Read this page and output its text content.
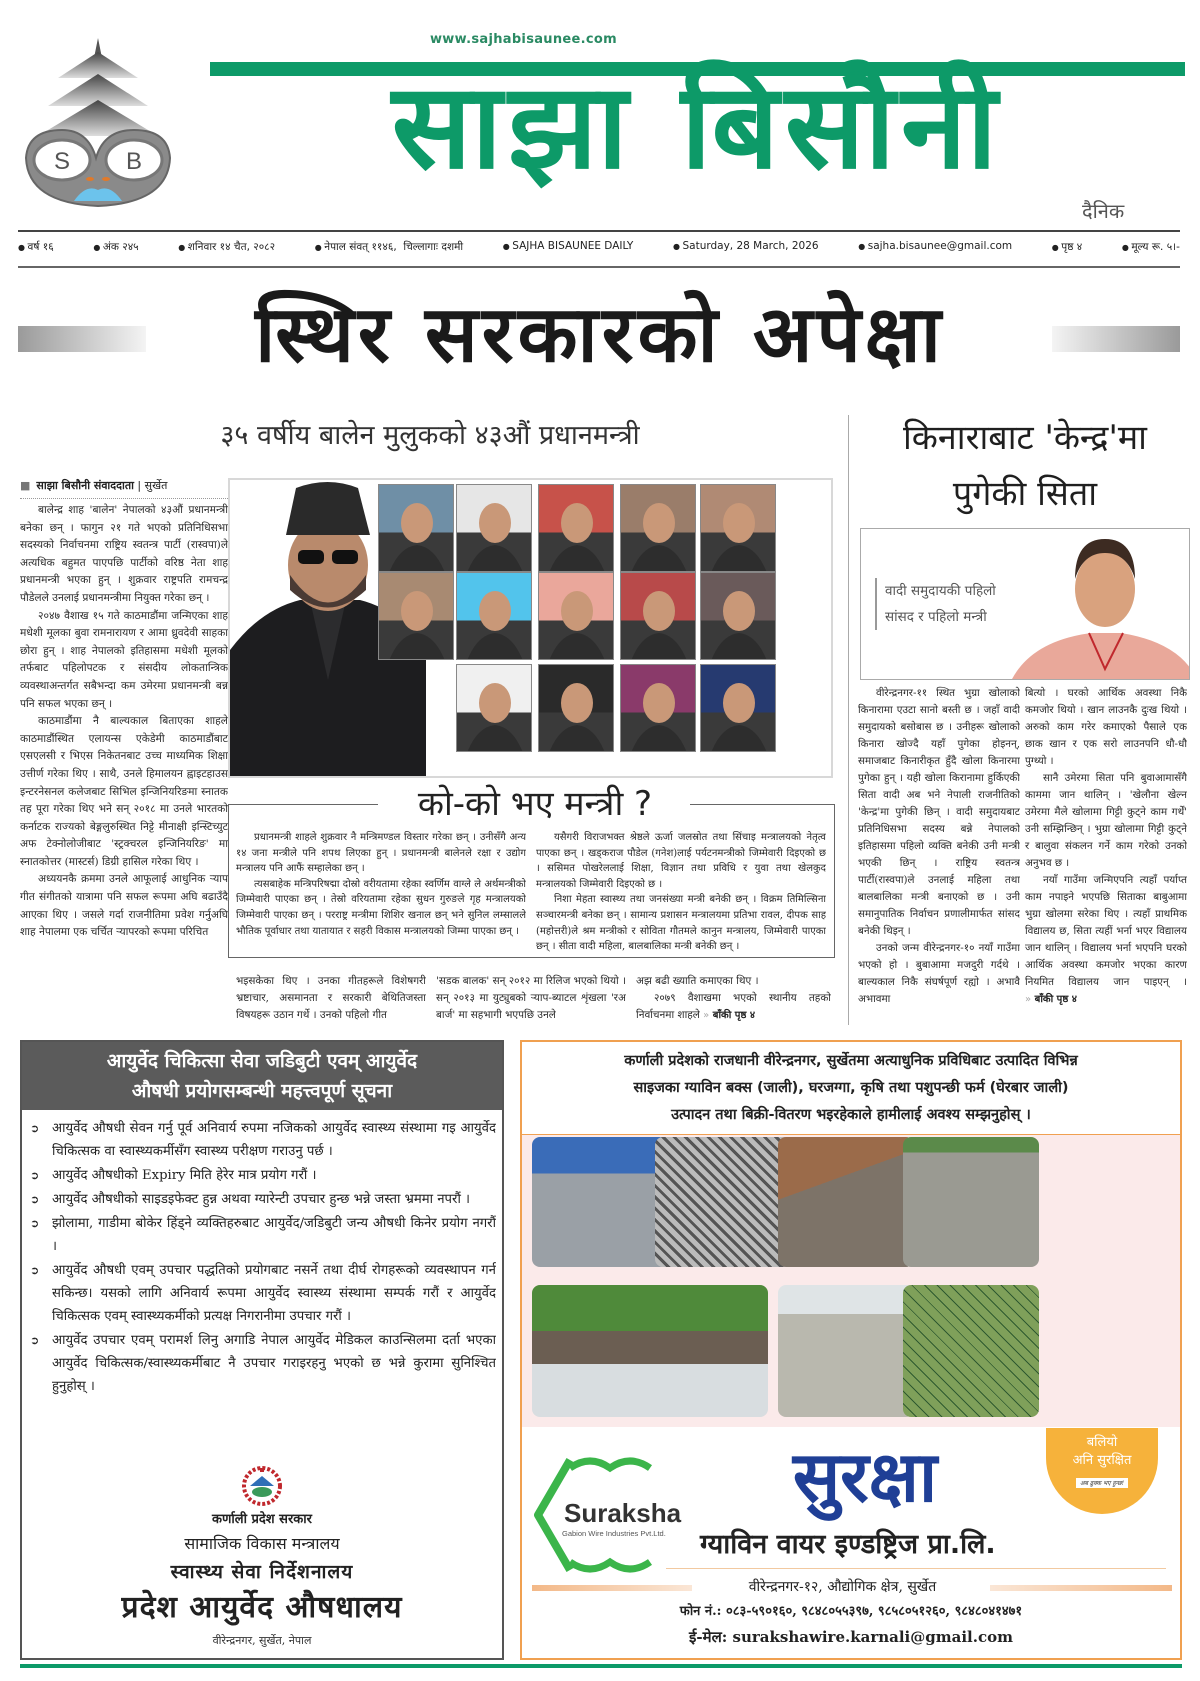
S B
www.sajhabisaunee.com
साझा बिसौनी
दैनिक
● वर्ष १६	● अंक २४५	● शनिवार १४ चैत, २०८२	● नेपाल संवत् ११४६, चिल्लागाः दशमी	● SAJHA BISAUNEE DAILY	● Saturday, 28 March, 2026	● sajha.bisaunee@gmail.com	● पृष्ठ ४	● मूल्य रू. ५।-
स्थिर सरकारको अपेक्षा
३५ वर्षीय बालेन मुलुकको ४३औं प्रधानमन्त्री	किनाराबाट 'केन्द्र'मा
पुगेकी सिता
■ साझा बिसौनी संवाददाता | सुर्खेत

बालेन्द्र शाह 'बालेन' नेपालको ४३औं प्रधानमन्त्री बनेका छन् । फागुन २१ गते भएको प्रतिनिधिसभा सदस्यको निर्वाचनमा राष्ट्रिय स्वतन्त्र पार्टी (रास्वपा)ले अत्यधिक बहुमत पाएपछि पार्टीको वरिष्ठ नेता शाह प्रधानमन्त्री भएका हुन् । शुक्रवार राष्ट्रपति रामचन्द्र पौडेलले उनलाई प्रधानमन्त्रीमा नियुक्त गरेका छन् ।

२०४७ वैशाख १५ गते काठमाडौंमा जन्मिएका शाह मधेशी मूलका बुवा रामनारायण र आमा ध्रुवदेवी साहका छोरा हुन् । शाह नेपालको इतिहासमा मधेशी मूलको तर्फबाट पहिलोपटक र संसदीय लोकतान्त्रिक व्यवस्थाअन्तर्गत सबैभन्दा कम उमेरमा प्रधानमन्त्री बन्न पनि सफल भएका छन् ।

काठमाडौंमा नै बाल्यकाल बिताएका शाहले काठमाडौंस्थित एलायन्स एकेडेमी काठमाडौंबाट एसएलसी र भिएस निकेतनबाट उच्च माध्यमिक शिक्षा उत्तीर्ण गरेका थिए । साथै, उनले हिमालयन ह्वाइटहाउस इन्टरनेसनल कलेजबाट सिभिल इन्जिनियरिङमा स्नातक तह पूरा गरेका थिए भने सन् २०१८ मा उनले भारतको कर्नाटक राज्यको बेङ्गलुरुस्थित निट्टे मीनाक्षी इन्स्टिच्युट अफ टेक्नोलोजीबाट 'स्ट्रक्चरल इन्जिनियरिङ' मा स्नातकोत्तर (मास्टर्स) डिग्री हासिल गरेका थिए ।

अध्ययनकै क्रममा उनले आफूलाई आधुनिक र्‍याप गीत संगीतको यात्रामा पनि सफल रूपमा अघि बढाउँदै आएका थिए । जसले गर्दा राजनीतिमा प्रवेश गर्नुअघि शाह नेपालमा एक चर्चित र्‍यापरको रूपमा परिचित

को-को भए मन्त्री ?

प्रधानमन्त्री शाहले शुक्रवार नै मन्त्रिमण्डल विस्तार गरेका छन् । उनीसँगै अन्य १४ जना मन्त्रीले पनि शपथ लिएका हुन् । प्रधानमन्त्री बालेनले रक्षा र उद्योग मन्त्रालय पनि आफैं सम्हालेका छन् ।

त्यसबाहेक मन्त्रिपरिषद्मा दोस्रो वरीयतामा रहेका स्वर्णिम वाग्ले ले अर्थमन्त्रीको जिम्मेवारी पाएका छन् । तेस्रो वरियतामा रहेका सुधन गुरुङले गृह मन्त्रालयको जिम्मेवारी पाएका छन् । परराष्ट्र मन्त्रीमा शिशिर खनाल छन् भने सुनिल लम्सालले भौतिक पूर्वाधार तथा यातायात र सहरी विकास मन्त्रालयको जिम्मा पाएका छन् ।

यसैगरी विराजभक्त श्रेष्ठले ऊर्जा जलस्रोत तथा सिंचाइ मन्त्रालयको नेतृत्व पाएका छन् । खड्कराज पौडेल (गनेश)लाई पर्यटनमन्त्रीको जिम्मेवारी दिइएको छ । ससिमत पोखरेललाई शिक्षा, विज्ञान तथा प्रविधि र युवा तथा खेलकुद मन्त्रालयको जिम्मेवारी दिइएको छ ।

निशा मेहता स्वास्थ्य तथा जनसंख्या मन्त्री बनेकी छन् । विक्रम तिमिल्सिना सञ्चारमन्त्री बनेका छन् । सामान्य प्रशासन मन्त्रालयमा प्रतिभा रावल, दीपक साह (महोत्तरी)ले श्रम मन्त्रीको र सोविता गौतमले कानुन मन्त्रालय, जिम्मेवारी पाएका छन् । सीता वादी महिला, बालबालिका मन्त्री बनेकी छन् ।

भइसकेका थिए । उनका गीतहरूले विशेषगरी भ्रष्टाचार, असमानता र सरकारी बेथितिजस्ता विषयहरू उठान गर्थे । उनको पहिलो गीत

'सडक बालक' सन् २०१२ मा रिलिज भएको थियो । सन् २०१३ मा युट्युबको र्‍याप-ब्याटल शृंखला 'रअ बार्ज' मा सहभागी भएपछि उनले

अझ बढी ख्याति कमाएका थिए ।

२०७९ वैशाखमा भएको स्थानीय तहको निर्वाचनमा शाहले » बाँकी पृष्ठ ४

वादी समुदायकी पहिलो
सांसद र पहिलो मन्त्री

वीरेन्द्रनगर-११ स्थित भुग्रा खोलाको किनारामा एउटा सानो बस्ती छ । जहाँ वादी समुदायको बसोबास छ । उनीहरू खोलाको किनारा खोज्दै यहाँ पुगेका होइनन्, समाजबाट किनारीकृत हुँदै खोला किनारमा पुगेका हुन् । यही खोला किरानामा हुर्किएकी सिता वादी अब भने नेपाली राजनीतिको 'केन्द्र'मा पुगेकी छिन् । वादी समुदायबाट प्रतिनिधिसभा सदस्य बन्ने नेपालको इतिहासमा पहिलो व्यक्ति बनेकी उनी मन्त्री भएकी छिन् । राष्ट्रिय स्वतन्त्र पार्टी(रास्वपा)ले उनलाई महिला तथा बालबालिका मन्त्री बनाएको छ । उनी समानुपातिक निर्वाचन प्रणालीमार्फत सांसद बनेकी थिइन् ।

उनको जन्म वीरेन्द्रनगर-१० नयाँ गाउँमा भएको हो । बुबाआमा मजदुरी गर्दथे । बाल्यकाल निकै संघर्षपूर्ण रह्यो । अभावै अभावमा

बित्यो । घरको आर्थिक अवस्था निकै कमजोर थियो । खान लाउनकै दुःख थियो । अरुको काम गरेर कमाएको पैसाले एक छाक खान र एक सरो लाउनपनि धौ-धौ पुग्थ्यो ।

सानै उमेरमा सिता पनि बुवाआमासँगै काममा जान थालिन् । 'खेलौना खेल्न उमेरमा मैले खोलामा गिट्टी कुट्ने काम गर्थें' उनी सम्झिन्छिन् । भुग्रा खोलामा गिट्टी कुट्ने र बालुवा संकलन गर्ने काम गरेको उनको अनुभव छ ।

नयाँ गाउँमा जन्मिएपनि त्यहाँ पर्याप्त काम नपाइने भएपछि सिताका बाबुआमा भुग्रा खोलमा सरेका थिए । त्यहाँ प्राथमिक विद्यालय छ, सिता त्यहीं भर्ना भएर विद्यालय जान थालिन् । विद्यालय भर्ना भएपनि घरको आर्थिक अवस्था कमजोर भएका कारण नियमित विद्यालय जान पाइएन् । » बाँकी पृष्ठ ४

आयुर्वेद चिकित्सा सेवा जडिबुटी एवम् आयुर्वेद
औषधी प्रयोगसम्बन्धी महत्त्वपूर्ण सूचना
➲ आयुर्वेद औषधी सेवन गर्नु पूर्व अनिवार्य रुपमा नजिकको आयुर्वेद स्वास्थ्य संस्थामा गइ आयुर्वेद चिकित्सक वा स्वास्थ्यकर्मीसँग स्वास्थ्य परीक्षण गराउनु पर्छ ।
➲ आयुर्वेद औषधीको Expiry मिति हेरेर मात्र प्रयोग गरौं ।
➲ आयुर्वेद औषधीको साइडइफेक्ट हुन्न अथवा ग्यारेन्टी उपचार हुन्छ भन्ने जस्ता भ्रममा नपरौं ।
➲ झोलामा, गाडीमा बोकेर हिंड्ने व्यक्तिहरुबाट आयुर्वेद/जडिबुटी जन्य औषधी किनेर प्रयोग नगरौं ।
➲ आयुर्वेद औषधी एवम् उपचार पद्धतिको प्रयोगबाट नसर्ने तथा दीर्घ रोगहरूको व्यवस्थापन गर्न सकिन्छ। यसको लागि अनिवार्य रूपमा आयुर्वेद स्वास्थ्य संस्थामा सम्पर्क गरौं र आयुर्वेद चिकित्सक एवम् स्वास्थ्यकर्मीको प्रत्यक्ष निगरानीमा उपचार गरौं ।
➲ आयुर्वेद उपचार एवम् परामर्श लिनु अगाडि नेपाल आयुर्वेद मेडिकल काउन्सिलमा दर्ता भएका आयुर्वेद चिकित्सक/स्वास्थ्यकर्मीबाट नै उपचार गराइरहनु भएको छ भन्ने कुरामा सुनिश्चित हुनुहोस् ।
कर्णाली प्रदेश सरकार
सामाजिक विकास मन्त्रालय
स्वास्थ्य सेवा निर्देशनालय
प्रदेश आयुर्वेद औषधालय
वीरेन्द्रनगर, सुर्खेत, नेपाल
कर्णाली प्रदेशको राजधानी वीरेन्द्रनगर, सुर्खेतमा अत्याधुनिक प्रविधिबाट उत्पादित विभिन्न
साइजका ग्याविन बक्स (जाली), घरजग्गा, कृषि तथा पशुपन्छी फर्म (घेरबार जाली)
उत्पादन तथा बिक्री-वितरण भइरहेकाले हामीलाई अवश्य सम्झनुहोस् ।
Suraksha
Gabion Wire Industries Pvt.Ltd.
सुरक्षा	बलियो
अनि सुरक्षित
अब ढुक्क भए हुन्छ!
ग्याविन वायर इण्डष्ट्रिज प्रा.लि.
वीरेन्द्रनगर-१२, औद्योगिक क्षेत्र, सुर्खेत
फोन नं.: ०८३-५९०१६०, ९८४८०५५३९७, ९८५८०५१२६०, ९८४८०४१४७१
ई-मेल: surakshawire.karnali@gmail.com
